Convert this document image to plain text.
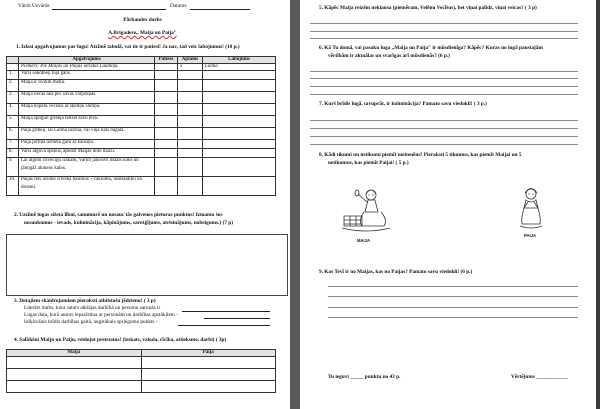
Vārds Uzvārds	Datums
Pārbaudes darbs
A.Brigadere„ Maija un Paija"
1. Izlasi apgalvojumus par lugu! Atzīmē tabulā, vai tie ir patiesi! Ja nav, tad veic labojumus! (10 p.)
	Apgalvojums	Patiess	Aplams	Labojums
	Piemērs: Pie Maijas un Paijas ierodas Laumiņa.		x	Laima
1.	Varis sākotnēji bija gans.			
2.	Maija ir Svilim meita.			
3.	Maija liecās akā pēc savas vārpstiņas.			
4.	Maija nopēra vecīšus ar šķēliņu slotiņu.			
5.	Maija spogulī gribēja redzēt savu tēvu.			
6.	Paija gribēji, lai Laima uzzina, vai viņa kļūs bagāta.			
7.	Paija pirtiņā uzmeta garu ar kausiņu.			
8.	Varis atguva spēkus, apēdot Maijas doto maizi.			
9.	Lai atgūtu cilvēcīgu izskatu, Varim jānocērt liktais koks un
jānogāž akmens kalns.			

10.	Paijas tēls iezīmē cilvēka tikumus – čaklumu, neatlaidību un
drosmi.			

2. Uzzīmē lugas sižeta līkni, sanumurē un nosauc tās galvenos pieturas punktus! Izmanto šos
nosaukumus - ievads, kulminācija, kāpinājums, sarežģījums, atrisinājums, nobeigums.) (7 p)
3. Dotajiem skaidrojumiem pieraksti atbilstošu jēdzienu! ( 3 p)
Literārs darbs, kura saturs atklājas darbībā un personu sarunās ir
Lugas daļa, kurā autors iepazīstina ar personām un darbības apstākļiem -
Izšķirošais brīdis darbības gaitā, augstākais sprieguma punkts -
4. Salīdzini Maiju un Paiju, veidojot pretstatus! (izskats, valoda, rīcība, attieksme, darbi) ( 3p)
Maija	Paija

5. Kāpēc Maija reizēm neklausa (piemēram, Velēnu Vecīšus), bet viņai palīdz, viņai veicas? ( 3 p)
6. Kā Tu domā, vai pasaku luga „Maija un Paija" ir mūsdienīga? Kāpēc? Kuras no lugā paustajām
vērtībām ir aktuālas un svarīgas arī mūsdienās? (6 p.)
7. Kurš brīdis lugā, tavuprāt, ir kulminācija? Pamato savu viedokli! ( 3 p.)
8. Kādi tikumi un netikumi piemīt meitenēm? Pieraksti 5 tikumus, kas piemīt Maijai un 5
netikumus, kas piemīt Paijai! ( 5 p.)
MAIJA
PAIJA
9. Kas Tevī ir no Maijas, kas no Paijas? Pamato savu viedokli! (6 p.)
Tu ieguvi _____ punktu no 43 p.	Vērtējums ____________
